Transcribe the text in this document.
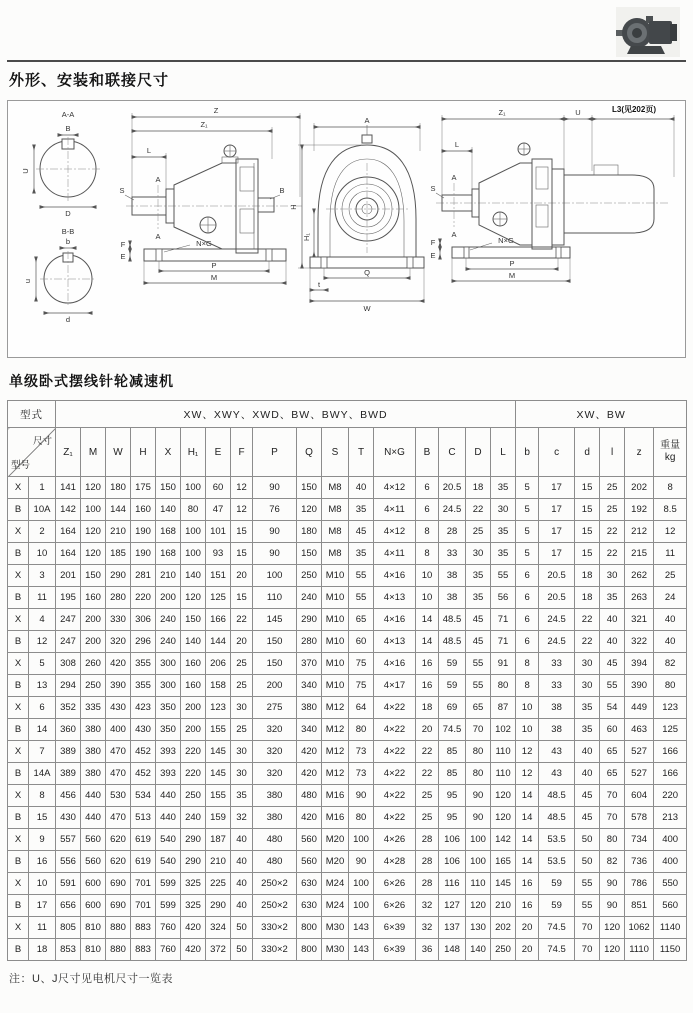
外形、安装和联接尺寸
A-A
B
U
D
B-B
b
u
d
Z
Z₁
L
A
A
S	B
N×G
F
E
P
M
A
H
H₁
Q
t
W
Z₁	U	L3(见202页)
L
A
A
S
N×G
F
E
P
M
单级卧式摆线针轮减速机
型式		XW、XWY、XWD、BW、BWY、BWD																	XW、BW					

尺寸
型号		Z₁	M	W	H	X	H₁	E	F	P	Q	S	T	N×G	B	C	D	L	b	c	d	l	z	重量
kg

X	1	141	120	180	175	150	100	60	12	90	150	M8	40	4×12	6	20.5	18	35	5	17	15	25	202	8
B	10A	142	100	144	160	140	80	47	12	76	120	M8	35	4×11	6	24.5	22	30	5	17	15	25	192	8.5
X	2	164	120	210	190	168	100	101	15	90	180	M8	45	4×12	8	28	25	35	5	17	15	22	212	12
B	10	164	120	185	190	168	100	93	15	90	150	M8	35	4×11	8	33	30	35	5	17	15	22	215	11
X	3	201	150	290	281	210	140	151	20	100	250	M10	55	4×16	10	38	35	55	6	20.5	18	30	262	25
B	11	195	160	280	220	200	120	125	15	110	240	M10	55	4×13	10	38	35	56	6	20.5	18	35	263	24
X	4	247	200	330	306	240	150	166	22	145	290	M10	65	4×16	14	48.5	45	71	6	24.5	22	40	321	40
B	12	247	200	320	296	240	140	144	20	150	280	M10	60	4×13	14	48.5	45	71	6	24.5	22	40	322	40
X	5	308	260	420	355	300	160	206	25	150	370	M10	75	4×16	16	59	55	91	8	33	30	45	394	82
B	13	294	250	390	355	300	160	158	25	200	340	M10	75	4×17	16	59	55	80	8	33	30	55	390	80
X	6	352	335	430	423	350	200	123	30	275	380	M12	64	4×22	18	69	65	87	10	38	35	54	449	123
B	14	360	380	400	430	350	200	155	25	320	340	M12	80	4×22	20	74.5	70	102	10	38	35	60	463	125
X	7	389	380	470	452	393	220	145	30	320	420	M12	73	4×22	22	85	80	110	12	43	40	65	527	166
B	14A	389	380	470	452	393	220	145	30	320	420	M12	73	4×22	22	85	80	110	12	43	40	65	527	166
X	8	456	440	530	534	440	250	155	35	380	480	M16	90	4×22	25	95	90	120	14	48.5	45	70	604	220
B	15	430	440	470	513	440	240	159	32	380	420	M16	80	4×22	25	95	90	120	14	48.5	45	70	578	213
X	9	557	560	620	619	540	290	187	40	480	560	M20	100	4×26	28	106	100	142	14	53.5	50	80	734	400
B	16	556	560	620	619	540	290	210	40	480	560	M20	90	4×28	28	106	100	165	14	53.5	50	82	736	400
X	10	591	600	690	701	599	325	225	40	250×2	630	M24	100	6×26	28	116	110	145	16	59	55	90	786	550
B	17	656	600	690	701	599	325	290	40	250×2	630	M24	100	6×26	32	127	120	210	16	59	55	90	851	560
X	11	805	810	880	883	760	420	324	50	330×2	800	M30	143	6×39	32	137	130	202	20	74.5	70	120	1062	1140
B	18	853	810	880	883	760	420	372	50	330×2	800	M30	143	6×39	36	148	140	250	20	74.5	70	120	1110	1150
注：U、J尺寸见电机尺寸一览表
